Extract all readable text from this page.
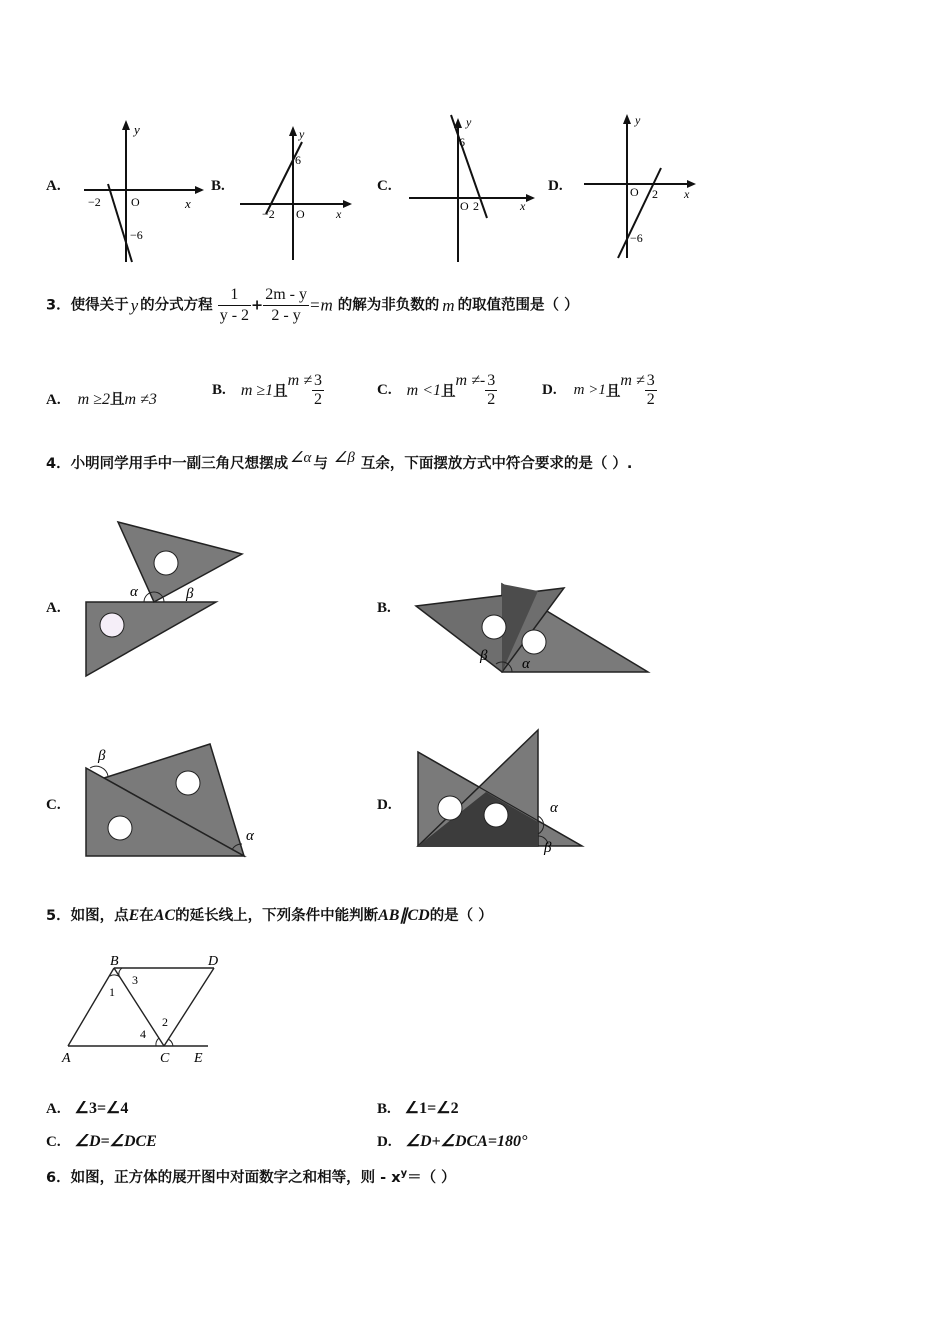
A.
y
x
−2	O
−6
B.
y
x
−2 O
6
C.
y
x
O 2
6
D.
y
x
O 2
−6
3．使得关于 y 的分式方程 $\frac{1}{y - 2} + \frac{2m - y}{2 - y} =m$ 的解为非负数的 m 的取值范围是（ ）
A. m ≥2且m ≠3
B. m ≥1且$m \ne \frac{3}{2}$	C. m <1且$m \ne- \frac{3}{2}$	D. m >1且$m \ne \frac{3}{2}$
4．小明同学用手中一副三角尺想摆成 ∠α 与 ∠β 互余，下面摆放方式中符合要求的是（ ）.
A.
α	β
B.
β α
C.
β
α
D.	α
β
5．如图，点E在AC的延长线上，下列条件中能判断AB∥CD的是（ ）
B	D
A	C E
1
2
3
4
A. ∠3=∠4	B. ∠1=∠2
C. ∠D=∠DCE	D. ∠D+∠DCA=180°
6．如图，正方体的展开图中对面数字之和相等，则 - $x^y=$（ ）
